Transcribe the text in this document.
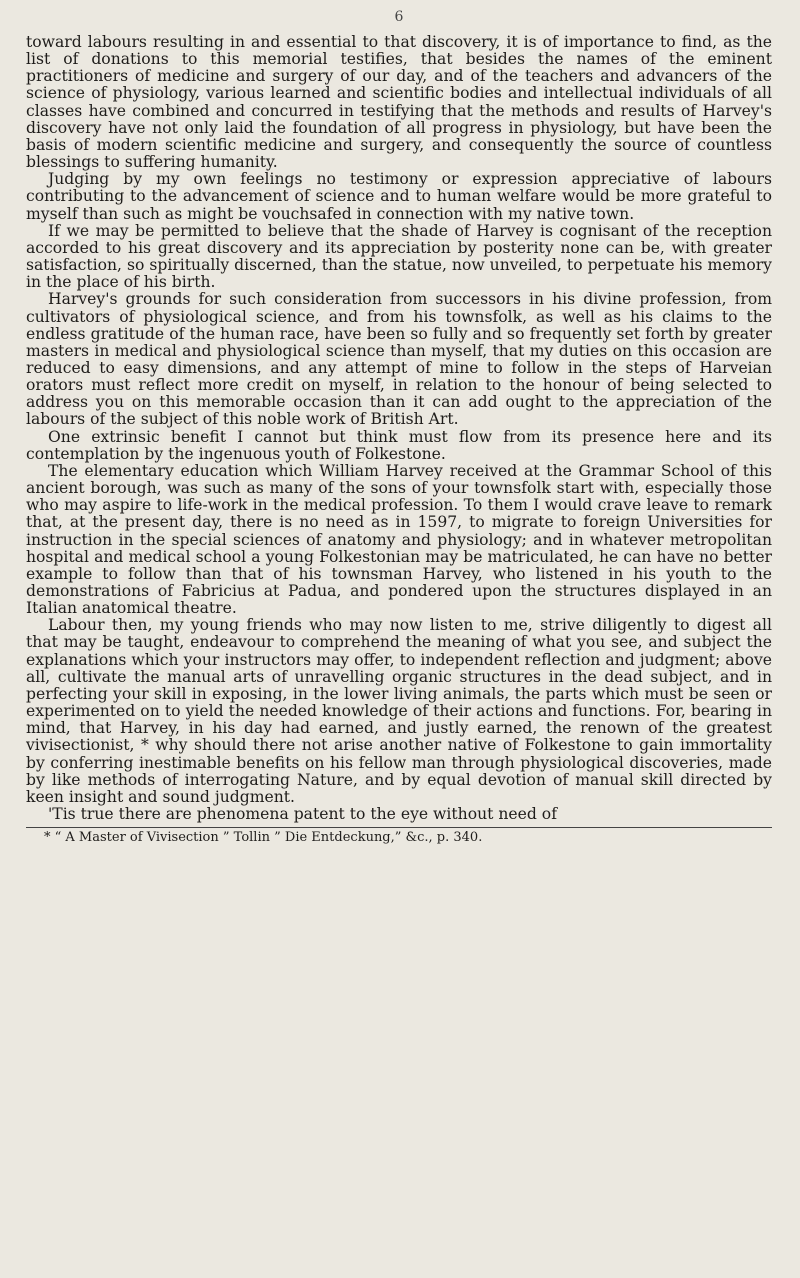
6

toward labours resulting in and essential to that discovery, it is of importance to find, as the list of donations to this memorial testifies, that besides the names of the eminent practitioners of medicine and surgery of our day, and of the teachers and advancers of the science of physiology, various learned and scientific bodies and intellectual individuals of all classes have combined and concurred in testifying that the methods and results of Harvey's discovery have not only laid the foundation of all progress in physiology, but have been the basis of modern scientific medicine and surgery, and consequently the source of countless blessings to suffering humanity.

Judging by my own feelings no testimony or expression appreciative of labours contributing to the advancement of science and to human welfare would be more grateful to myself than such as might be vouchsafed in connection with my native town.

If we may be permitted to believe that the shade of Harvey is cognisant of the reception accorded to his great discovery and its appreciation by posterity none can be, with greater satisfaction, so spiritually discerned, than the statue, now unveiled, to perpetuate his memory in the place of his birth.

Harvey's grounds for such consideration from successors in his divine profession, from cultivators of physiological science, and from his townsfolk, as well as his claims to the endless gratitude of the human race, have been so fully and so frequently set forth by greater masters in medical and physiological science than myself, that my duties on this occasion are reduced to easy dimensions, and any attempt of mine to follow in the steps of Harveian orators must reflect more credit on myself, in relation to the honour of being selected to address you on this memorable occasion than it can add ought to the appreciation of the labours of the subject of this noble work of British Art.

One extrinsic benefit I cannot but think must flow from its presence here and its contemplation by the ingenuous youth of Folkestone.

The elementary education which William Harvey received at the Grammar School of this ancient borough, was such as many of the sons of your townsfolk start with, especially those who may aspire to life-work in the medical profession. To them I would crave leave to remark that, at the present day, there is no need as in 1597, to migrate to foreign Universities for instruction in the special sciences of anatomy and physiology; and in whatever metropolitan hospital and medical school a young Folkestonian may be matriculated, he can have no better example to follow than that of his townsman Harvey, who listened in his youth to the demonstrations of Fabricius at Padua, and pondered upon the structures displayed in an Italian anatomical theatre.

Labour then, my young friends who may now listen to me, strive diligently to digest all that may be taught, endeavour to comprehend the meaning of what you see, and subject the explanations which your instructors may offer, to independent reflection and judgment; above all, cultivate the manual arts of unravelling organic structures in the dead subject, and in perfecting your skill in exposing, in the lower living animals, the parts which must be seen or experimented on to yield the needed knowledge of their actions and functions. For, bearing in mind, that Harvey, in his day had earned, and justly earned, the renown of the greatest vivisectionist, * why should there not arise another native of Folkestone to gain immortality by conferring inestimable benefits on his fellow man through physiological discoveries, made by like methods of interrogating Nature, and by equal devotion of manual skill directed by keen insight and sound judgment.

'Tis true there are phenomena patent to the eye without need of

* “ A Master of Vivisection ” Tollin ” Die Entdeckung,” &c., p. 340.
